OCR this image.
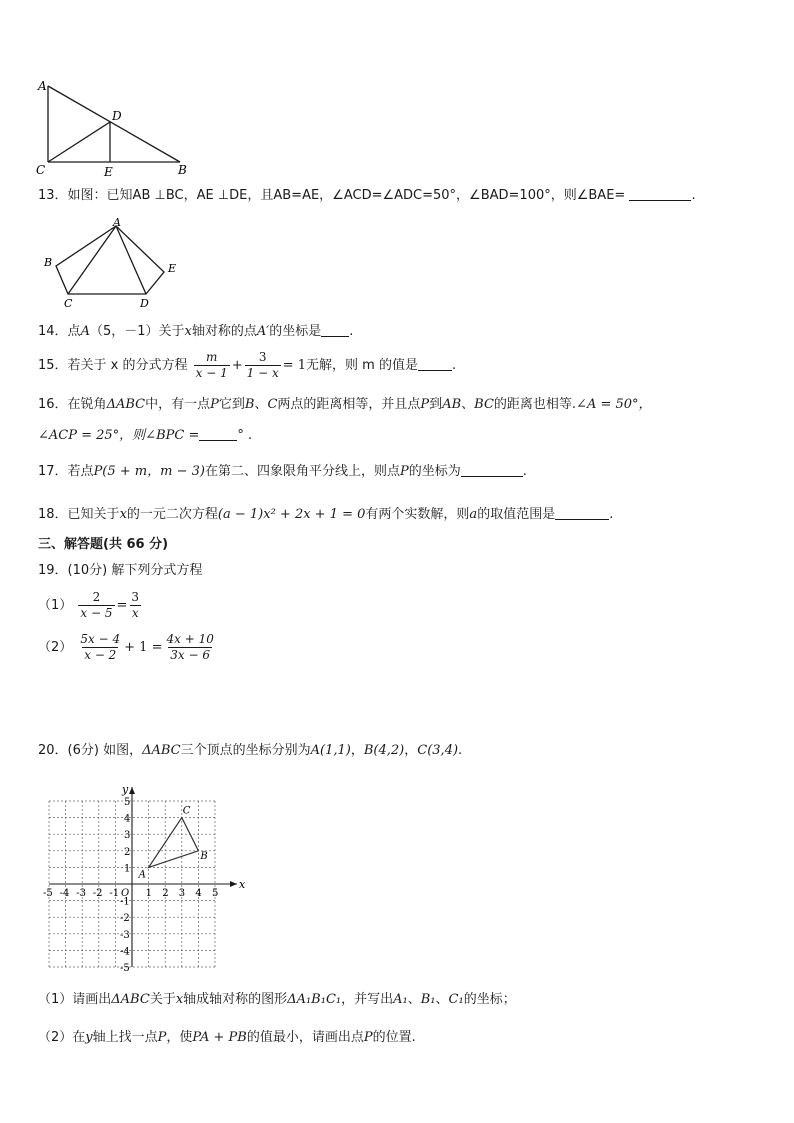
A
D
C	E	B
13．如图：已知AB ⊥BC，AE ⊥DE，且AB=AE，∠ACD=∠ADC=50°，∠BAD=100°，则∠BAE=	.
A
B	E
C	D
14．点A（5，－1）关于x轴对称的点A′的坐标是 .
15．若关于 x 的分式方程 $\frac{m}{x - 1} + \frac{3}{1 - x} = 1$无解，则 m 的值是	.
16．在锐角ΔABC中，有一点P它到B、C两点的距离相等，并且点P到AB、BC的距离也相等.∠A = 50°，
∠ACP = 25°，则∠BPC =	° .
17．若点P(5 + m，m − 3)在第二、四象限角平分线上，则点P的坐标为	.
18．已知关于x的一元二次方程(a − 1)x² + 2x + 1 = 0有两个实数解，则a的取值范围是	.
三、解答题(共 66 分)
19．(10分) 解下列分式方程
$(1) \frac{2}{x - 5} = \frac{3}{x}$
$(2) \frac{5x - 4}{x - 2} + 1 = \frac{4x + 10}{3x - 6}$
20．(6分) 如图，ΔABC三个顶点的坐标分别为A(1,1)，B(4,2)，C(3,4).
x
y
O
-5 -4 -3 -2 -1	1 2 3 4 5
5
4
3
2
1
-1
-2
-3
-4
-5
A
B
C
（1）请画出ΔABC关于x轴成轴对称的图形ΔA₁B₁C₁，并写出A₁、B₁、C₁的坐标；
（2）在y轴上找一点P，使PA + PB的值最小，请画出点P的位置.
